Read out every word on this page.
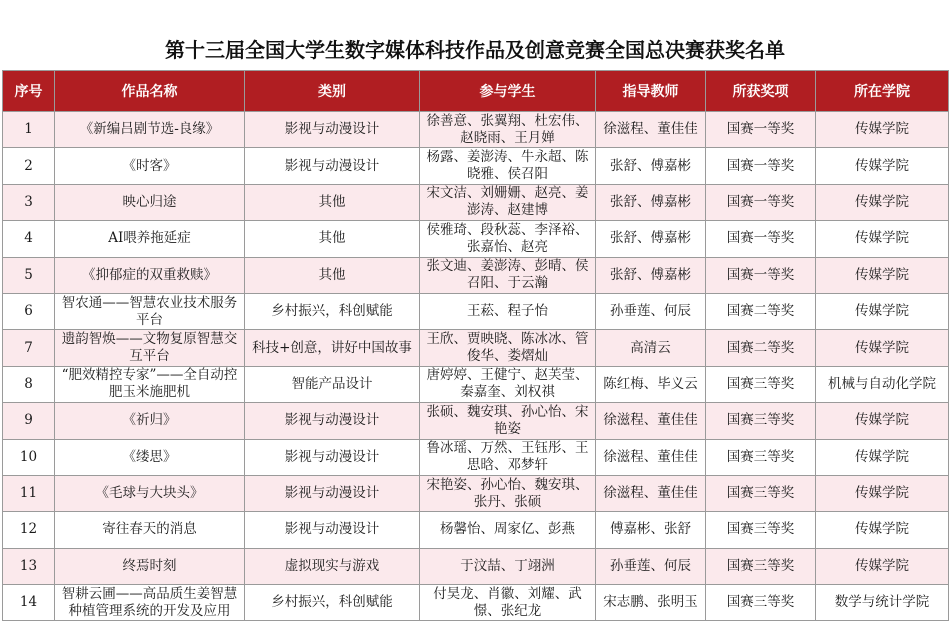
第十三届全国大学生数字媒体科技作品及创意竞赛全国总决赛获奖名单
序号	作品名称	类别	参与学生	指导教师	所获奖项	所在学院
1	《新编吕剧节选-良缘》	影视与动漫设计	徐善意、张翼翔、杜宏伟、赵晓雨、王月婵	徐滋程、董佳佳	国赛一等奖	传媒学院
2	《时客》	影视与动漫设计	杨露、姜澎涛、牛永超、陈晓雅、侯召阳	张舒、傅嘉彬	国赛一等奖	传媒学院
3	映心归途	其他	宋文洁、刘姗姗、赵亮、姜澎涛、赵建博	张舒、傅嘉彬	国赛一等奖	传媒学院
4	AI喂养拖延症	其他	侯雅琦、段秋蕊、李泽裕、张嘉怡、赵亮	张舒、傅嘉彬	国赛一等奖	传媒学院
5	《抑郁症的双重救赎》	其他	张文迪、姜澎涛、彭晴、侯召阳、于云瀚	张舒、傅嘉彬	国赛一等奖	传媒学院
6	智农通——智慧农业技术服务平台	乡村振兴，科创赋能	王菘、程子怡	孙垂莲、何辰	国赛二等奖	传媒学院
7	遗韵智焕——文物复原智慧交互平台	科技+创意，讲好中国故事	王欣、贾映晓、陈冰冰、管俊华、娄熠灿	高清云	国赛二等奖	传媒学院
8	“肥效精控专家”——全自动控肥玉米施肥机	智能产品设计	唐婷婷、王健宁、赵芙莹、秦嘉奎、刘权祺	陈红梅、毕义云	国赛三等奖	机械与自动化学院
9	《祈归》	影视与动漫设计	张硕、魏安琪、孙心怡、宋艳姿	徐滋程、董佳佳	国赛三等奖	传媒学院
10	《缕思》	影视与动漫设计	鲁冰瑶、万然、王钰彤、王思晗、邓梦轩	徐滋程、董佳佳	国赛三等奖	传媒学院
11	《毛球与大块头》	影视与动漫设计	宋艳姿、孙心怡、魏安琪、张丹、张硕	徐滋程、董佳佳	国赛三等奖	传媒学院
12	寄往春天的消息	影视与动漫设计	杨馨怡、周家亿、彭燕	傅嘉彬、张舒	国赛三等奖	传媒学院
13	终焉时刻	虚拟现实与游戏	于汶喆、丁翊洲	孙垂莲、何辰	国赛三等奖	传媒学院
14	智耕云圃——高品质生姜智慧种植管理系统的开发及应用	乡村振兴，科创赋能	付昊龙、肖徽、刘耀、武憬、张纪龙	宋志鹏、张明玉	国赛三等奖	数学与统计学院
